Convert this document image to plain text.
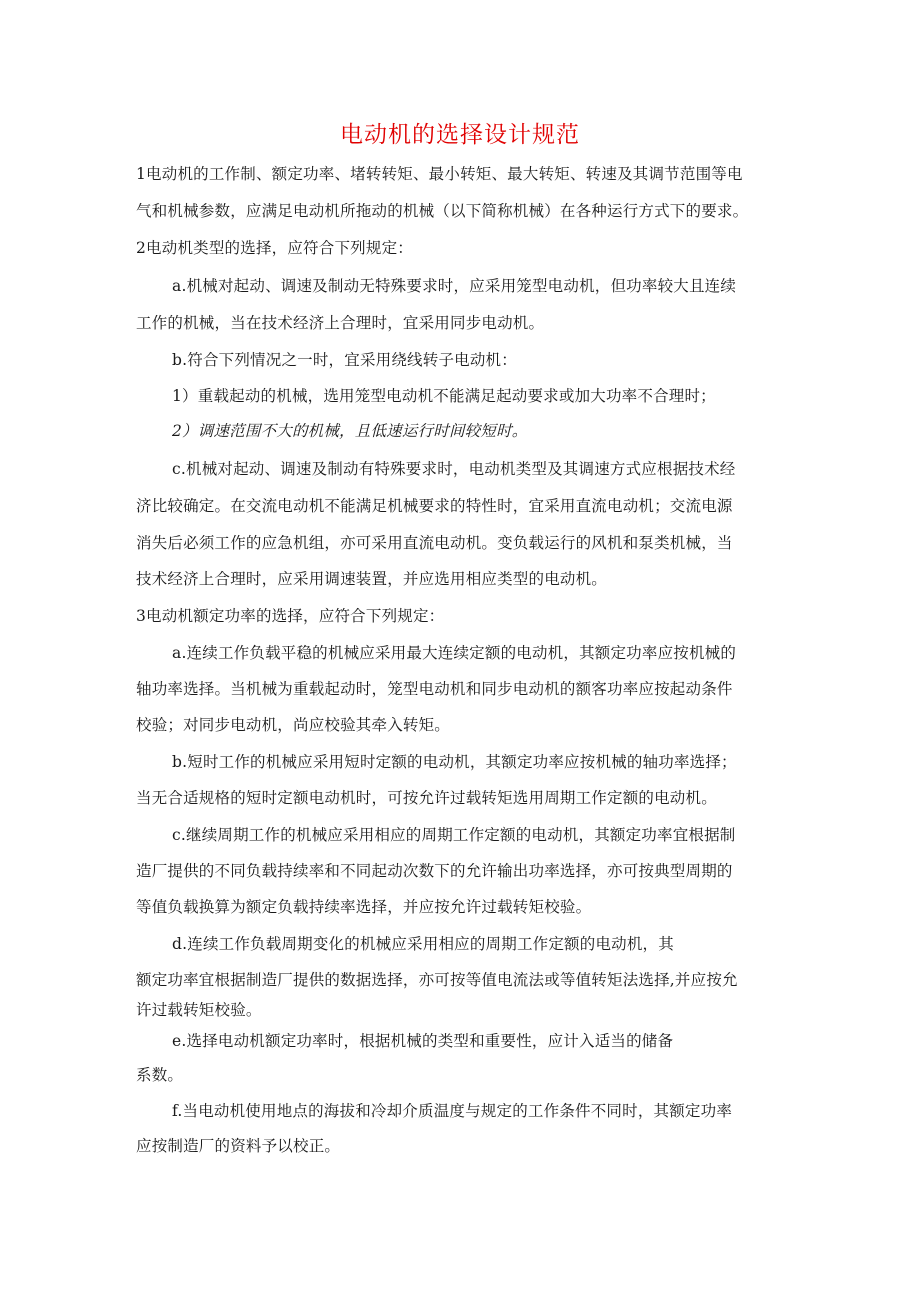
电动机的选择设计规范
1电动机的工作制、额定功率、堵转转矩、最小转矩、最大转矩、转速及其调节范围等电
气和机械参数，应满足电动机所拖动的机械（以下简称机械）在各种运行方式下的要求。
2电动机类型的选择，应符合下列规定：
a.机械对起动、调速及制动无特殊要求时，应采用笼型电动机，但功率较大且连续
工作的机械，当在技术经济上合理时，宜采用同步电动机。
b.符合下列情况之一时，宜采用绕线转子电动机：
1）重载起动的机械，选用笼型电动机不能满足起动要求或加大功率不合理时；
2）调速范围不大的机械，且低速运行时间较短时。
c.机械对起动、调速及制动有特殊要求时，电动机类型及其调速方式应根据技术经
济比较确定。在交流电动机不能满足机械要求的特性时，宜采用直流电动机；交流电源
消失后必须工作的应急机组，亦可采用直流电动机。变负载运行的风机和泵类机械，当
技术经济上合理时，应采用调速装置，并应选用相应类型的电动机。
3电动机额定功率的选择，应符合下列规定：
a.连续工作负载平稳的机械应采用最大连续定额的电动机，其额定功率应按机械的
轴功率选择。当机械为重载起动时，笼型电动机和同步电动机的额客功率应按起动条件
校验；对同步电动机，尚应校验其牵入转矩。
b.短时工作的机械应采用短时定额的电动机，其额定功率应按机械的轴功率选择；
当无合适规格的短时定额电动机时，可按允许过载转矩选用周期工作定额的电动机。
c.继续周期工作的机械应采用相应的周期工作定额的电动机，其额定功率宜根据制
造厂提供的不同负载持续率和不同起动次数下的允许输出功率选择，亦可按典型周期的
等值负载换算为额定负载持续率选择，并应按允许过载转矩校验。
d.连续工作负载周期变化的机械应采用相应的周期工作定额的电动机，其
额定功率宜根据制造厂提供的数据选择，亦可按等值电流法或等值转矩法选择,并应按允
许过载转矩校验。
e.选择电动机额定功率时，根据机械的类型和重要性，应计入适当的储备
系数。
f.当电动机使用地点的海拔和冷却介质温度与规定的工作条件不同时，其额定功率
应按制造厂的资料予以校正。
